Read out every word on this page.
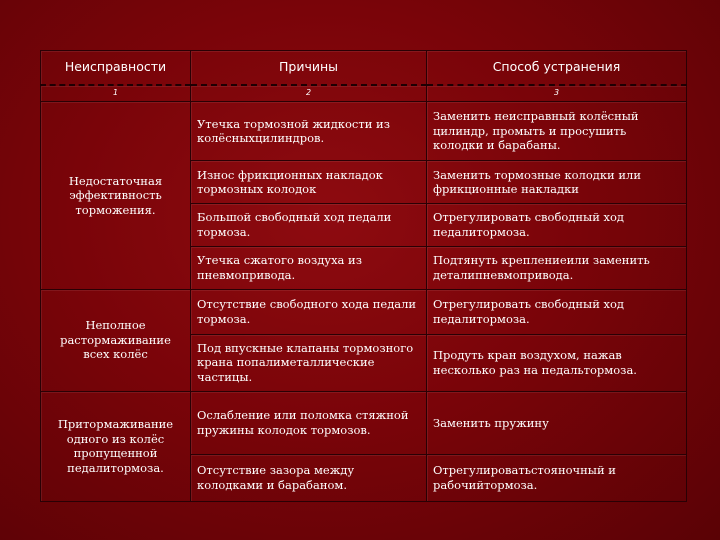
Неисправности	Причины	Способ устранения
1	2	3
Недостаточная эффективность торможения.	Утечка тормозной жидкости из колёсныхцилиндров.	Заменить неисправный колёсный цилиндр, промыть и просушить колодки и барабаны.
	Износ фрикционных накладок тормозных колодок	Заменить тормозные колодки или фрикционные накладки
	Большой свободный ход педали тормоза.	Отрегулировать свободный ход педалитормоза.
	Утечка сжатого воздуха из пневмопривода.	Подтянуть креплениеили заменить деталипневмопривода.
Неполное растормаживание всех колёс	Отсутствие свободного хода педали тормоза.	Отрегулировать свободный ход педалитормоза.
	Под впускные клапаны тормозного крана попалиметаллические частицы.	Продуть кран воздухом, нажав несколько раз на педальтормоза.
Притормаживание одного из колёс пропущенной педалитормоза.	Ослабление или поломка стяжной пружины колодок тормозов.	Заменить пружину
	Отсутствие зазора между колодками и барабаном.	Отрегулироватьстояночный и рабочийтормоза.
